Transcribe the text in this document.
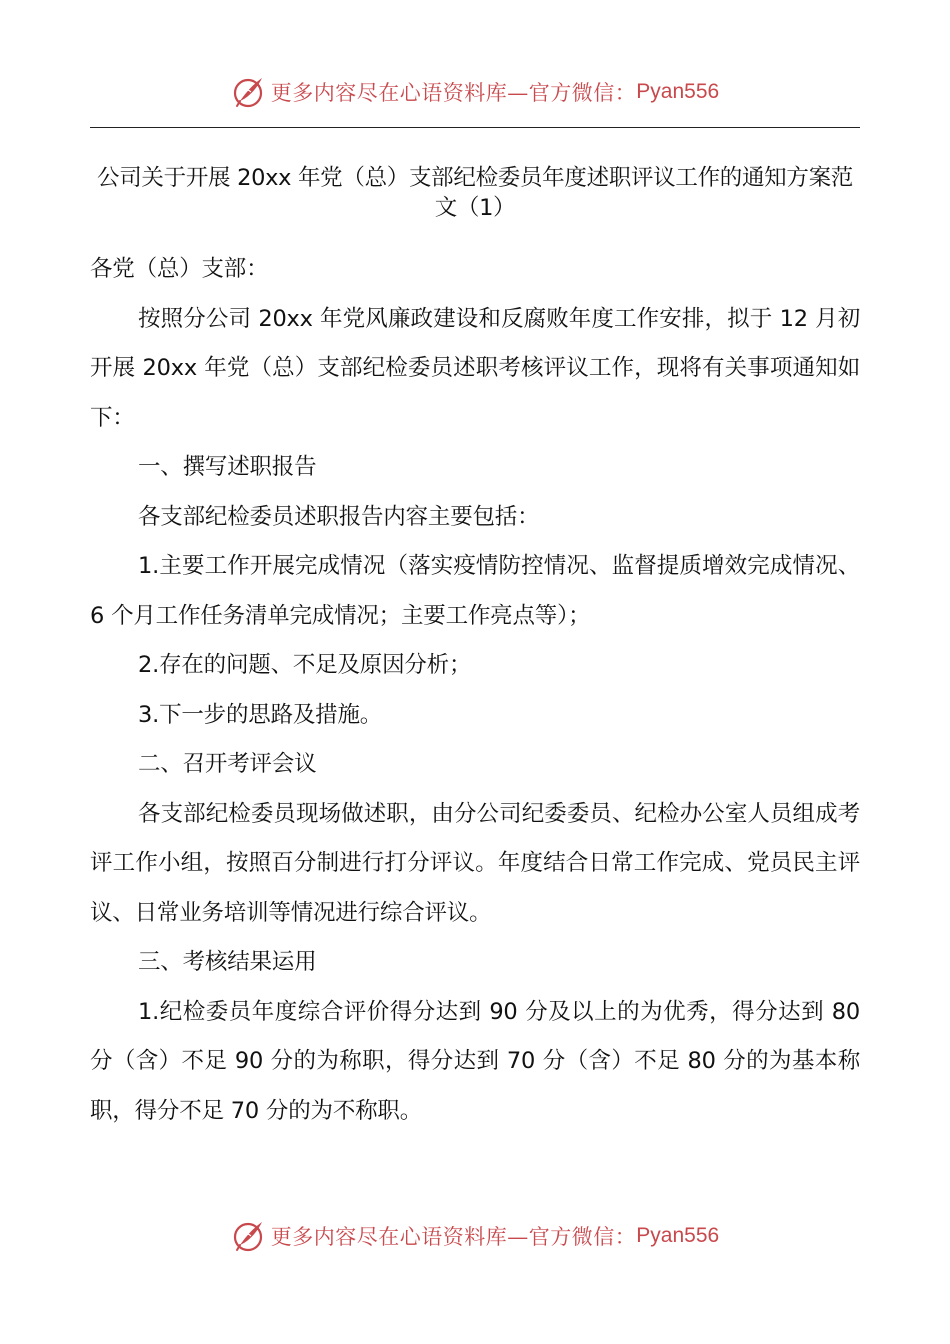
更多内容尽在心语资料库—官方微信： Pyan556
公司关于开展 20xx 年党（总）支部纪检委员年度述职评议工作的通知方案范文（1）

各党（总）支部：

按照分公司 20xx 年党风廉政建设和反腐败年度工作安排，拟于 12 月初开展 20xx 年党（总）支部纪检委员述职考核评议工作，现将有关事项通知如下：

一、撰写述职报告

各支部纪检委员述职报告内容主要包括：

1.主要工作开展完成情况（落实疫情防控情况、监督提质增效完成情况、6 个月工作任务清单完成情况；主要工作亮点等）；

2.存在的问题、不足及原因分析；

3.下一步的思路及措施。

二、召开考评会议

各支部纪检委员现场做述职，由分公司纪委委员、纪检办公室人员组成考评工作小组，按照百分制进行打分评议。年度结合日常工作完成、党员民主评议、日常业务培训等情况进行综合评议。

三、考核结果运用

1.纪检委员年度综合评价得分达到 90 分及以上的为优秀，得分达到 80 分（含）不足 90 分的为称职，得分达到 70 分（含）不足 80 分的为基本称职，得分不足 70 分的为不称职。

更多内容尽在心语资料库—官方微信： Pyan556
